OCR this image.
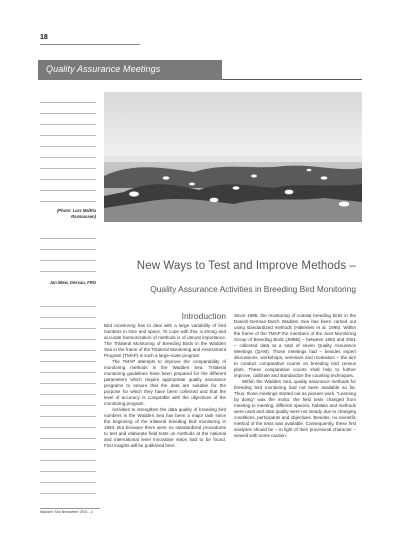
18
Quality Assurance Meetings
(Photo: Lars Maltha Rasmussen)
Jan Blew, Dessau, FRG
New Ways to Test and Improve Methods –
Quality Assurance Activities in Breeding Bird Monitoring
Introduction

Bird monitoring has to deal with a large variability of bird numbers in time and space. To cope with this, a strong and accurate harmonization of methods is of utmost importance. The Trilateral Monitoring of Breeding Birds in the Wadden Sea in the frame of the Trilateral Monitoring and Assessment Program (TMAP) is such a large-scale program.

The TMAP attempts to improve the comparability of monitoring methods in the Wadden Sea. Trilateral monitoring guidelines have been prepared for the different parameters which require appropriate quality assurance programs to ensure that the data are suitable for the purpose for which they have been collected and that the level of accuracy is compatible with the objectives of the monitoring program.

Activities to strengthen the data quality of breeding bird numbers in the Wadden Sea has been a major task since the beginning of the trilateral breeding bird monitoring in 1993. But because there were no standardized procedures to test and elaborate field tests on methods at the national and international level innovative steps had to be found. First insights will be published here.

Since 1995, the monitoring of coastal breeding birds in the Danish-German-Dutch Wadden Sea has been carried out using standardized methods (Hälterlein et al. 1995). Within the frame of the TMAP the members of the Joint Monitoring Group of Breeding Birds (JMBB) – between 1993 and 2001 – collected data at a total of seven Quality Assurance Meetings (QAM). Those meetings had – besides expert discussions, workshops, seminars and motivation – the aim to conduct comparative counts on breeding bird census plots. These comparative counts shall help to further improve, calibrate and standardize the counting techniques.

Within the Wadden Sea, quality assurance methods for breeding bird monitoring had not been available so far. Thus, those meetings started out as pioneer work. "Learning by doing" was the motto: the field tests changed from meeting to meeting, different species, habitats and methods were used and data quality were not steady due to changing conditions, participants and objectives. Besides, no scientific method of the tests was available. Consequently, these first analyses should be – in light of their provisional character – viewed with some caution.

Wadden Sea Newsletter 2001 - 2
